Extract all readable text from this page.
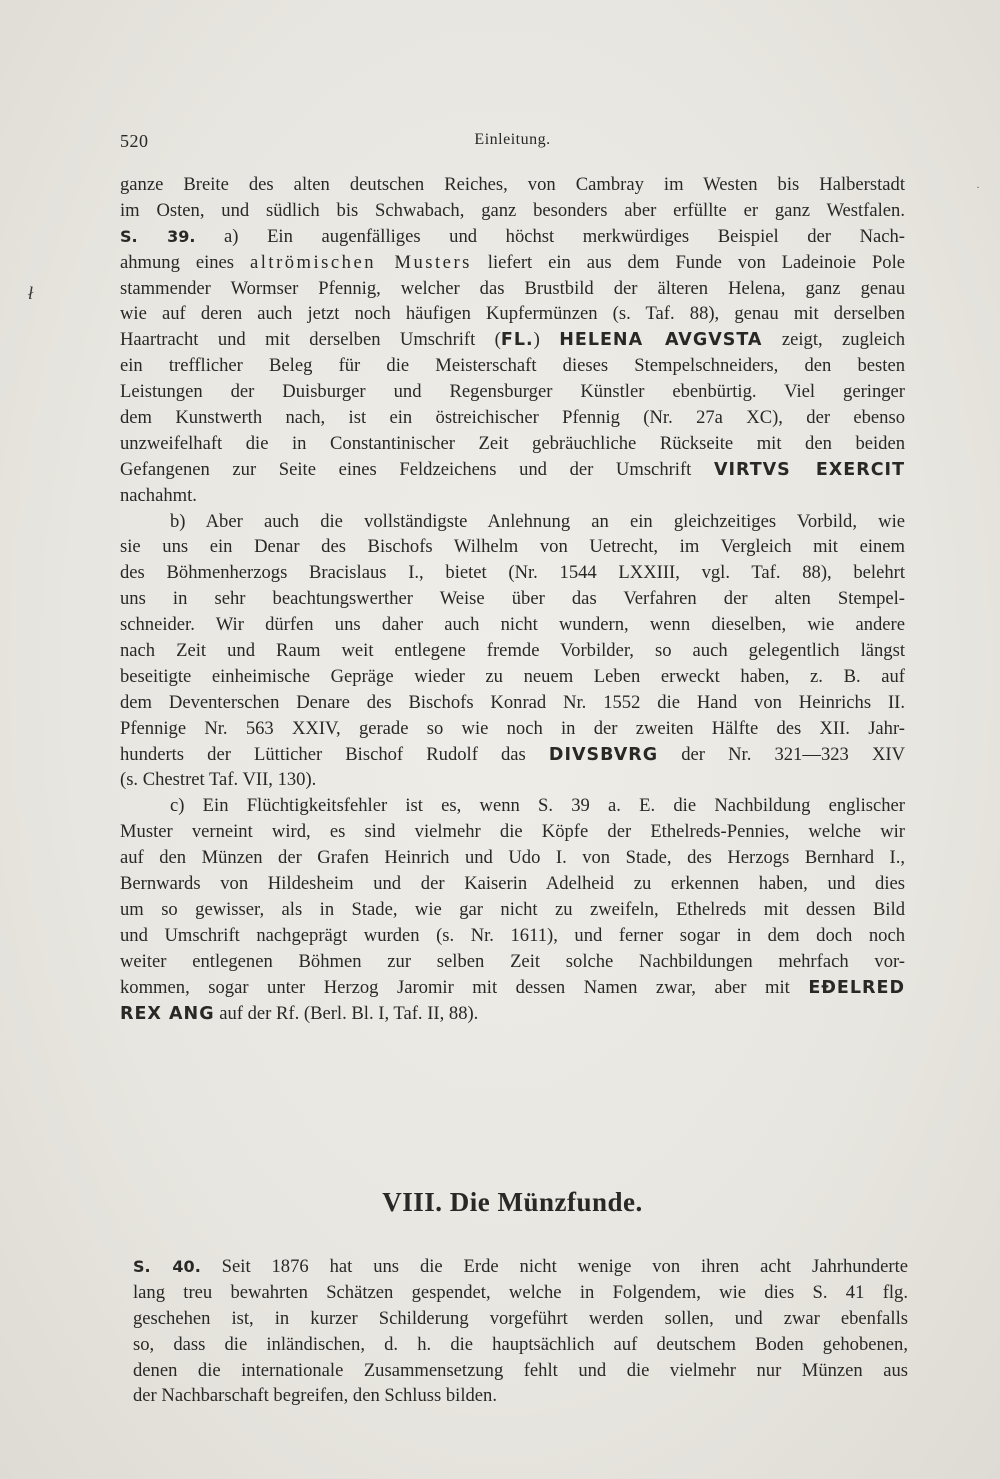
520	Einleitung.
ł
·
ganze Breite des alten deutschen Reiches, von Cambray im Westen bis Halberstadt
im Osten, und südlich bis Schwabach, ganz besonders aber erfüllte er ganz Westfalen.
S. 39. a) Ein augenfälliges und höchst merkwürdiges Beispiel der Nach-
ahmung eines altrömischen Musters liefert ein aus dem Funde von Ladeinoie Pole
stammender Wormser Pfennig, welcher das Brustbild der älteren Helena, ganz genau
wie auf deren auch jetzt noch häufigen Kupfermünzen (s. Taf. 88), genau mit derselben
Haartracht und mit derselben Umschrift (FL.) HELENA AVGVSTA zeigt, zugleich
ein trefflicher Beleg für die Meisterschaft dieses Stempelschneiders, den besten
Leistungen der Duisburger und Regensburger Künstler ebenbürtig. Viel geringer
dem Kunstwerth nach, ist ein östreichischer Pfennig (Nr. 27a XC), der ebenso
unzweifelhaft die in Constantinischer Zeit gebräuchliche Rückseite mit den beiden
Gefangenen zur Seite eines Feldzeichens und der Umschrift VIRTVS EXERCIT
nachahmt.
b) Aber auch die vollständigste Anlehnung an ein gleichzeitiges Vorbild, wie
sie uns ein Denar des Bischofs Wilhelm von Uetrecht, im Vergleich mit einem
des Böhmenherzogs Bracislaus I., bietet (Nr. 1544 LXXIII, vgl. Taf. 88), belehrt
uns in sehr beachtungswerther Weise über das Verfahren der alten Stempel-
schneider. Wir dürfen uns daher auch nicht wundern, wenn dieselben, wie andere
nach Zeit und Raum weit entlegene fremde Vorbilder, so auch gelegentlich längst
beseitigte einheimische Gepräge wieder zu neuem Leben erweckt haben, z. B. auf
dem Deventerschen Denare des Bischofs Konrad Nr. 1552 die Hand von Heinrichs II.
Pfennige Nr. 563 XXIV, gerade so wie noch in der zweiten Hälfte des XII. Jahr-
hunderts der Lütticher Bischof Rudolf das DIVSBVRG der Nr. 321—323 XIV
(s. Chestret Taf. VII, 130).
c) Ein Flüchtigkeitsfehler ist es, wenn S. 39 a. E. die Nachbildung englischer
Muster verneint wird, es sind vielmehr die Köpfe der Ethelreds-Pennies, welche wir
auf den Münzen der Grafen Heinrich und Udo I. von Stade, des Herzogs Bernhard I.,
Bernwards von Hildesheim und der Kaiserin Adelheid zu erkennen haben, und dies
um so gewisser, als in Stade, wie gar nicht zu zweifeln, Ethelreds mit dessen Bild
und Umschrift nachgeprägt wurden (s. Nr. 1611), und ferner sogar in dem doch noch
weiter entlegenen Böhmen zur selben Zeit solche Nachbildungen mehrfach vor-
kommen, sogar unter Herzog Jaromir mit dessen Namen zwar, aber mit EÐELRED
REX ANG auf der Rf. (Berl. Bl. I, Taf. II, 88).
VIII. Die Münzfunde.
S. 40. Seit 1876 hat uns die Erde nicht wenige von ihren acht Jahrhunderte
lang treu bewahrten Schätzen gespendet, welche in Folgendem, wie dies S. 41 flg.
geschehen ist, in kurzer Schilderung vorgeführt werden sollen, und zwar ebenfalls
so, dass die inländischen, d. h. die hauptsächlich auf deutschem Boden gehobenen,
denen die internationale Zusammensetzung fehlt und die vielmehr nur Münzen aus
der Nachbarschaft begreifen, den Schluss bilden.
